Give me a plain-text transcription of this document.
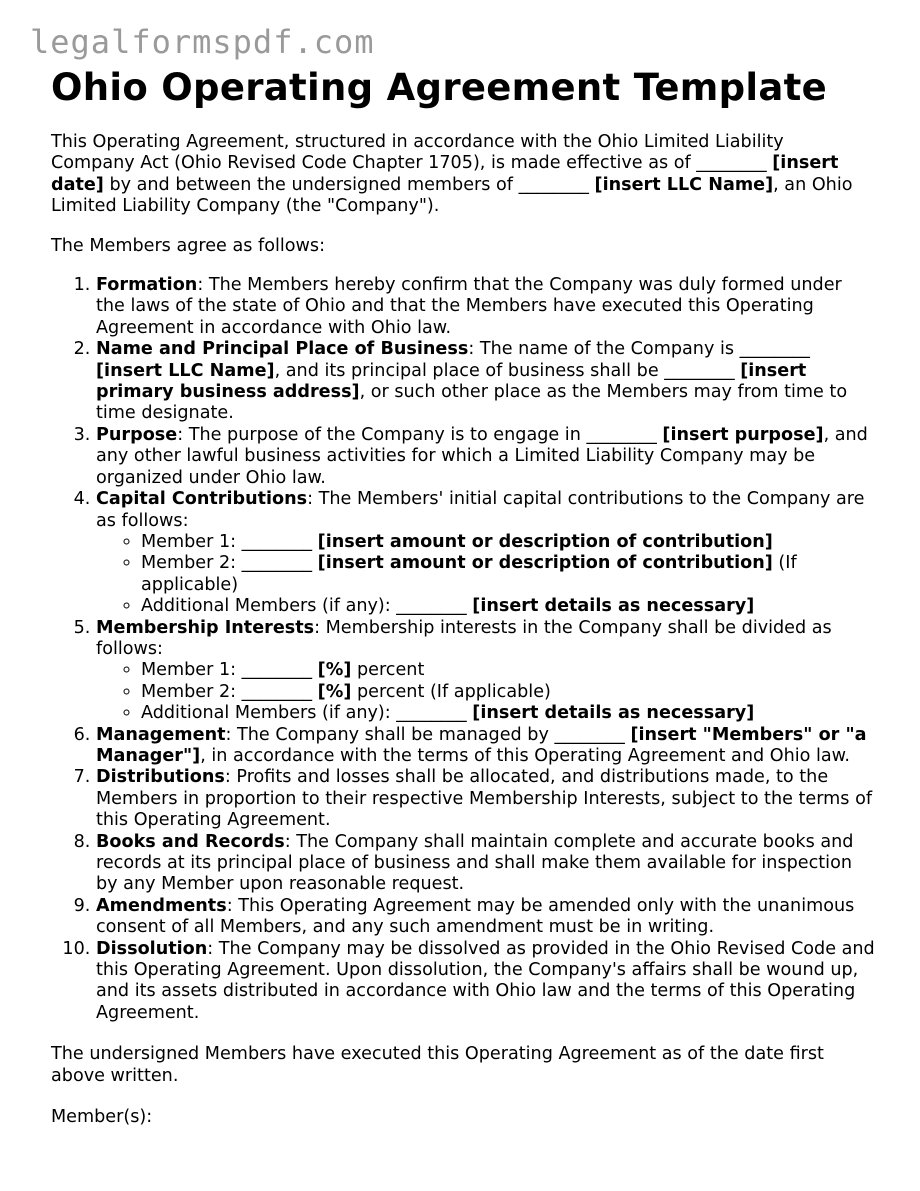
legalformspdf.com
Ohio Operating Agreement Template

This Operating Agreement, structured in accordance with the Ohio Limited Liability Company Act (Ohio Revised Code Chapter 1705), is made effective as of ________ [insert date] by and between the undersigned members of ________ [insert LLC Name], an Ohio Limited Liability Company (the "Company").

The Members agree as follows:

1. Formation: The Members hereby confirm that the Company was duly formed under the laws of the state of Ohio and that the Members have executed this Operating Agreement in accordance with Ohio law.
2. Name and Principal Place of Business: The name of the Company is ________ [insert LLC Name], and its principal place of business shall be ________ [insert primary business address], or such other place as the Members may from time to time designate.
3. Purpose: The purpose of the Company is to engage in ________ [insert purpose], and any other lawful business activities for which a Limited Liability Company may be organized under Ohio law.
4. Capital Contributions: The Members' initial capital contributions to the Company are as follows:
◦ Member 1: ________ [insert amount or description of contribution]
◦ Member 2: ________ [insert amount or description of contribution] (If applicable)
◦ Additional Members (if any): ________ [insert details as necessary]
5. Membership Interests: Membership interests in the Company shall be divided as follows:
◦ Member 1: ________ [%] percent
◦ Member 2: ________ [%] percent (If applicable)
◦ Additional Members (if any): ________ [insert details as necessary]
6. Management: The Company shall be managed by ________ [insert "Members" or "a Manager"], in accordance with the terms of this Operating Agreement and Ohio law.
7. Distributions: Profits and losses shall be allocated, and distributions made, to the Members in proportion to their respective Membership Interests, subject to the terms of this Operating Agreement.
8. Books and Records: The Company shall maintain complete and accurate books and records at its principal place of business and shall make them available for inspection by any Member upon reasonable request.
9. Amendments: This Operating Agreement may be amended only with the unanimous consent of all Members, and any such amendment must be in writing.
10. Dissolution: The Company may be dissolved as provided in the Ohio Revised Code and this Operating Agreement. Upon dissolution, the Company's affairs shall be wound up, and its assets distributed in accordance with Ohio law and the terms of this Operating Agreement.

The undersigned Members have executed this Operating Agreement as of the date first above written.

Member(s):
